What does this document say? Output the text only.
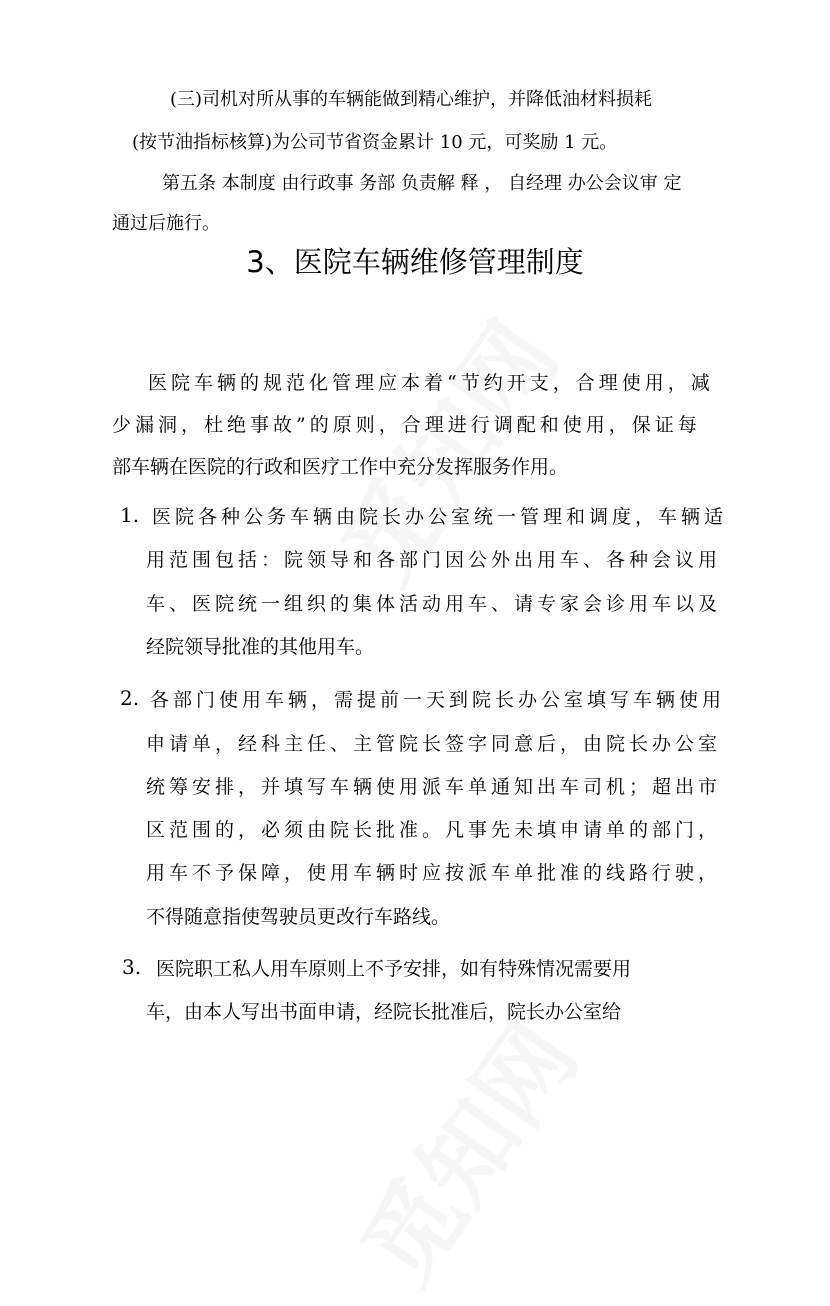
(三)司机对所从事的车辆能做到精心维护，并降低油材料损耗
(按节油指标核算)为公司节省资金累计 10 元，可奖励 1 元。
第五条 本制度 由行政事 务部 负责解 释 ， 自经理 办公会议审 定
通过后施行。
3、医院车辆维修管理制度
医院车辆的规范化管理应本着“节约开支，合理使用，减
少漏洞，杜绝事故”的原则，合理进行调配和使用，保证每
部车辆在医院的行政和医疗工作中充分发挥服务作用。
1. 医院各种公务车辆由院长办公室统一管理和调度，车辆适
用范围包括：院领导和各部门因公外出用车、各种会议用
车、医院统一组织的集体活动用车、请专家会诊用车以及
经院领导批准的其他用车。
2. 各部门使用车辆，需提前一天到院长办公室填写车辆使用
申请单，经科主任、主管院长签字同意后，由院长办公室
统筹安排，并填写车辆使用派车单通知出车司机；超出市
区范围的，必须由院长批准。凡事先未填申请单的部门，
用车不予保障，使用车辆时应按派车单批准的线路行驶，
不得随意指使驾驶员更改行车路线。
3. 医院职工私人用车原则上不予安排，如有特殊情况需要用
车，由本人写出书面申请，经院长批准后，院长办公室给
